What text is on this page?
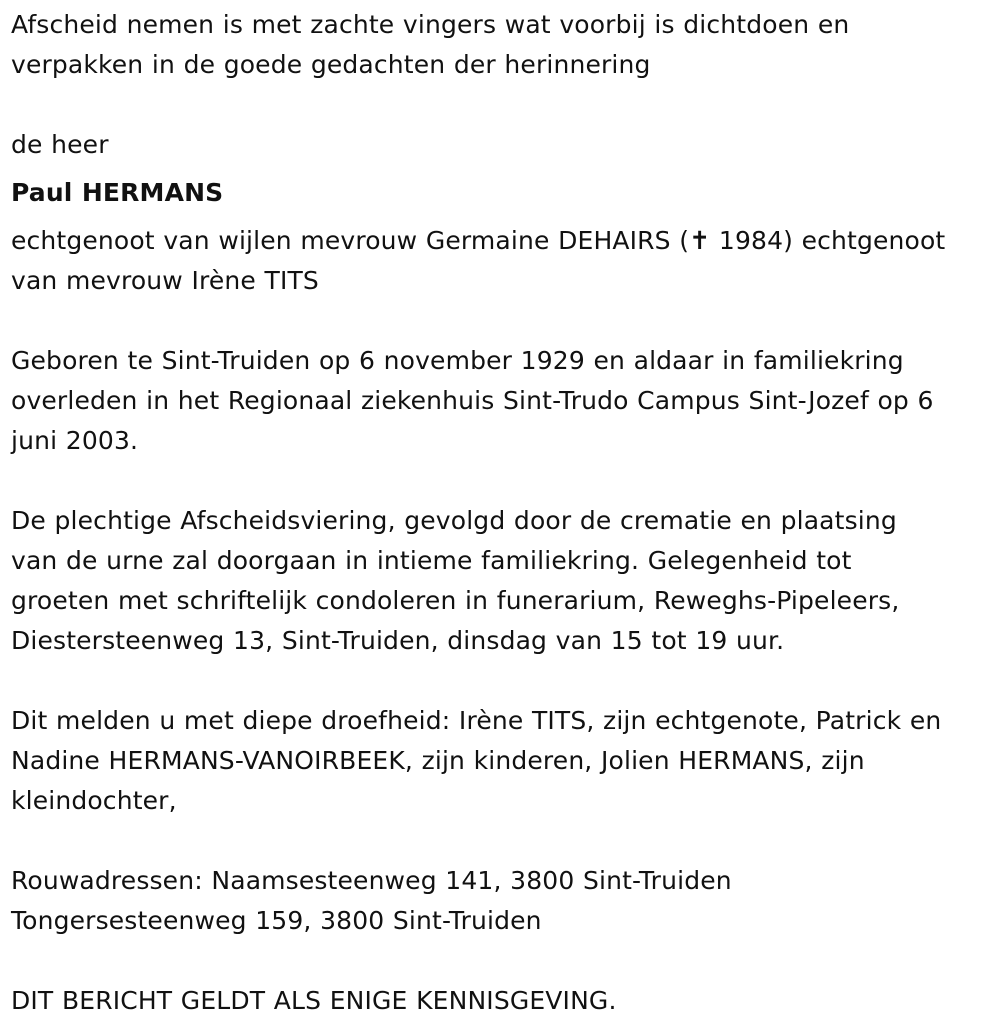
Afscheid nemen is met zachte vingers wat voorbij is dichtdoen en
verpakken in de goede gedachten der herinnering
de heer
Paul HERMANS
echtgenoot van wijlen mevrouw Germaine DEHAIRS (✝ 1984) echtgenoot
van mevrouw Irène TITS
Geboren te Sint-Truiden op 6 november 1929 en aldaar in familiekring
overleden in het Regionaal ziekenhuis Sint-Trudo Campus Sint-Jozef op 6
juni 2003.
De plechtige Afscheidsviering, gevolgd door de crematie en plaatsing
van de urne zal doorgaan in intieme familiekring. Gelegenheid tot
groeten met schriftelijk condoleren in funerarium, Reweghs-Pipeleers,
Diestersteenweg 13, Sint-Truiden, dinsdag van 15 tot 19 uur.
Dit melden u met diepe droefheid: Irène TITS, zijn echtgenote, Patrick en
Nadine HERMANS-VANOIRBEEK, zijn kinderen, Jolien HERMANS, zijn
kleindochter,
Rouwadressen: Naamsesteenweg 141, 3800 Sint-Truiden
Tongersesteenweg 159, 3800 Sint-Truiden
DIT BERICHT GELDT ALS ENIGE KENNISGEVING.
